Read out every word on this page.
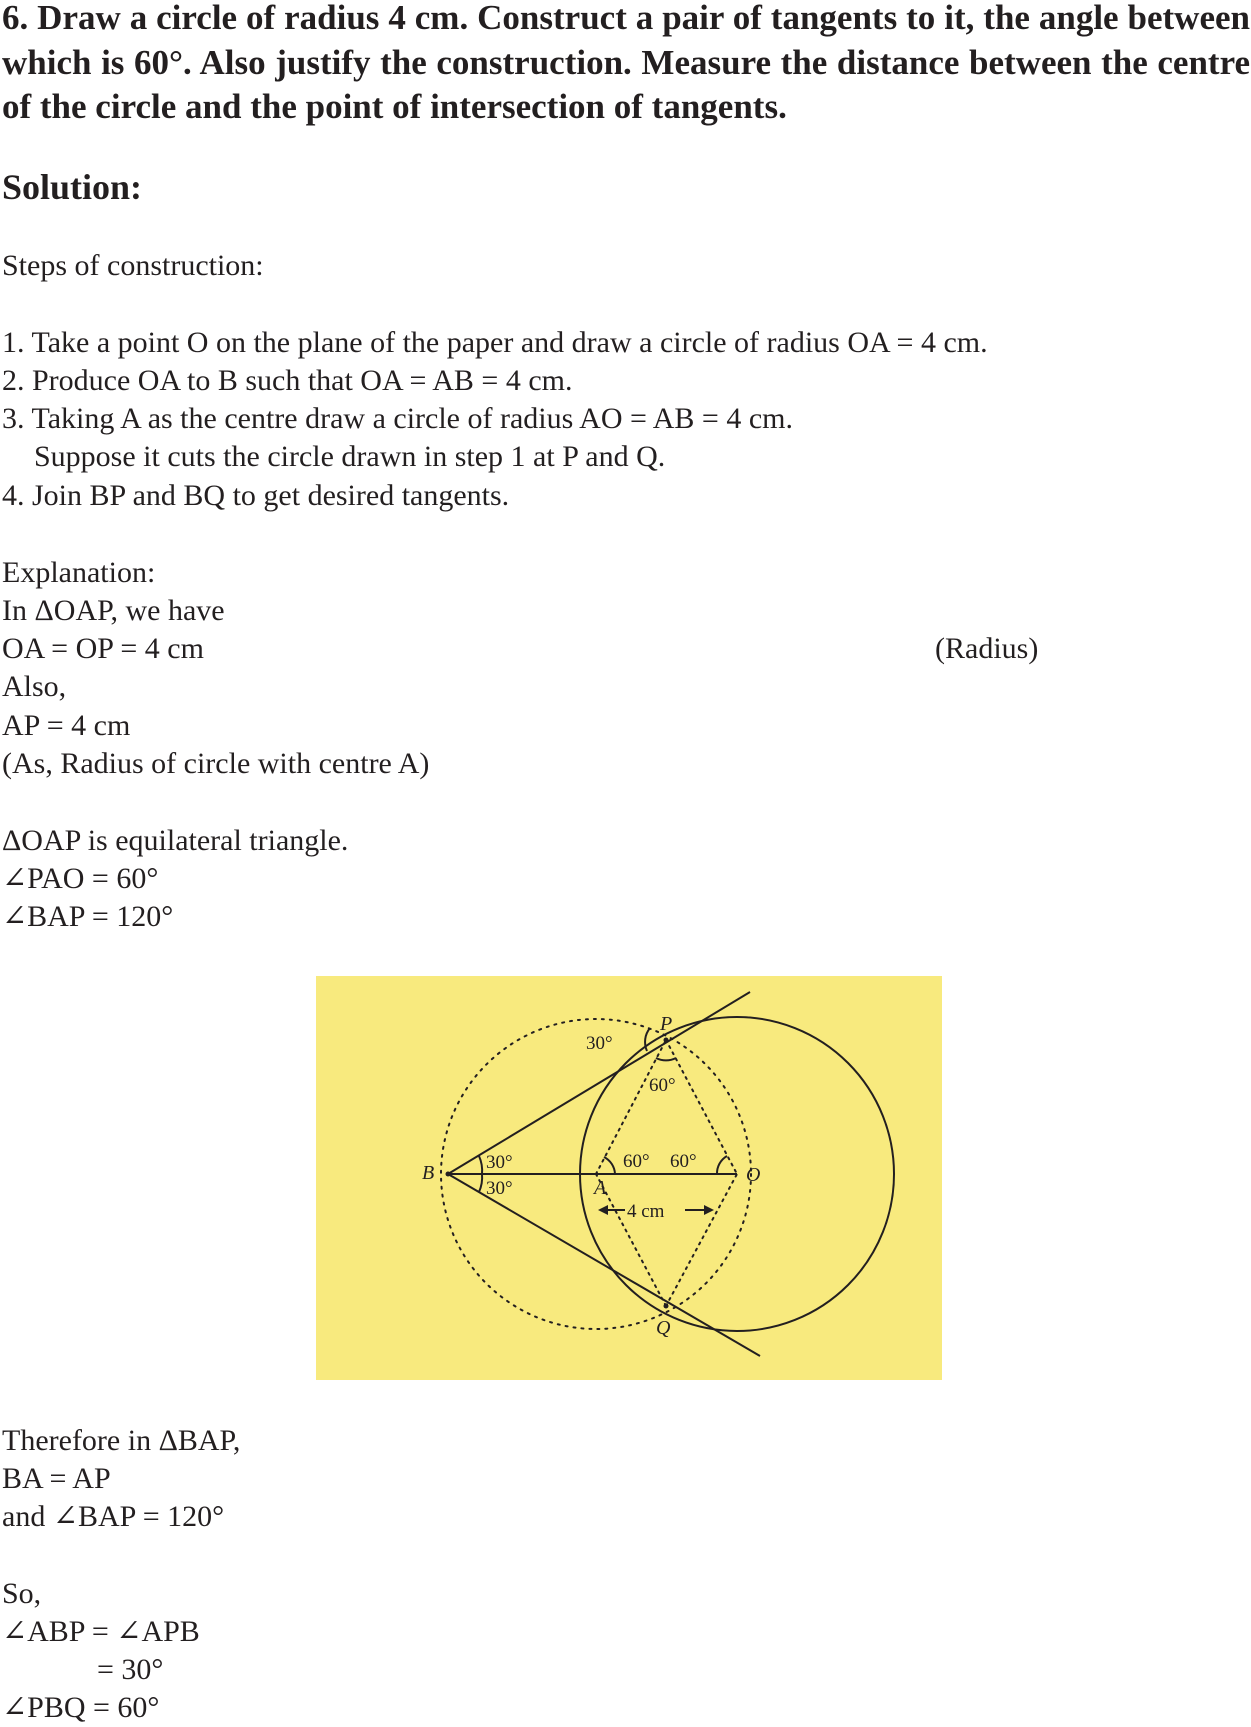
6. Draw a circle of radius 4 cm. Construct a pair of tangents to it, the angle between which is 60°. Also justify the construction. Measure the distance between the centre of the circle and the point of intersection of tangents.

Solution:

Steps of construction:

1. Take a point O on the plane of the paper and draw a circle of radius OA = 4 cm.

2. Produce OA to B such that OA = AB = 4 cm.

3. Taking A as the centre draw a circle of radius AO = AB = 4 cm.

Suppose it cuts the circle drawn in step 1 at P and Q.

4. Join BP and BQ to get desired tangents.

Explanation:

In ΔOAP, we have

OA = OP = 4 cm	(Radius)

Also,

AP = 4 cm

(As, Radius of circle with centre A)

ΔOAP is equilateral triangle.

∠PAO = 60°

∠BAP = 120°

P
Q
B
A
O
30°
60°
30°
30°
60° 60°
4 cm

Therefore in ΔBAP,

BA = AP

and ∠BAP = 120°

So,

∠ABP = ∠APB

= 30°

∠PBQ = 60°
